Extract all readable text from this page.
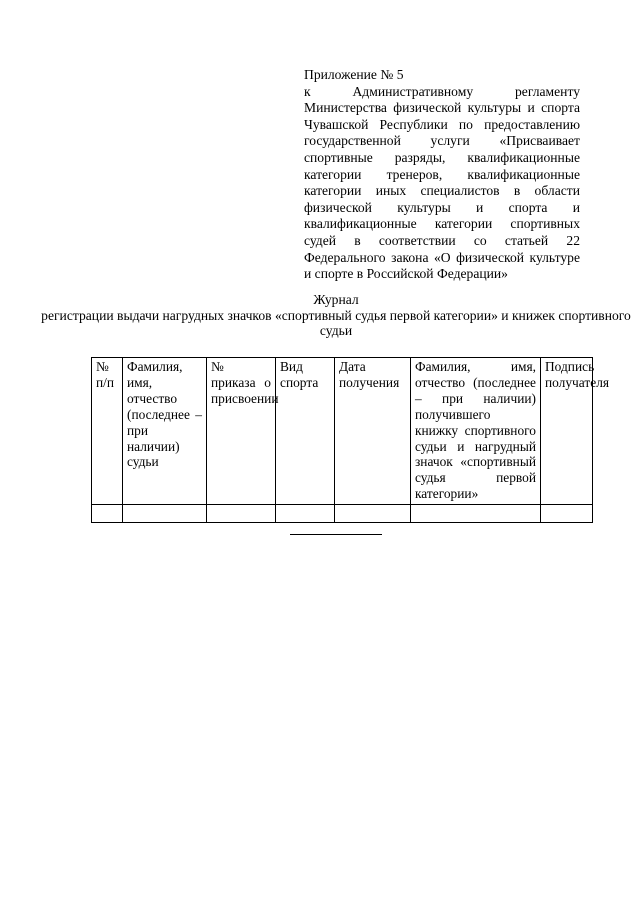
Приложение № 5
к Административному регламенту Министерства физической культуры и спорта Чувашской Республики по предоставлению государственной услуги «Присваивает спортивные разряды, квалификационные категории тренеров, квалификационные категории иных специалистов в области физической культуры и спорта и квалификационные категории спортивных судей в соответствии со статьей 22 Федерального закона «О физической культуре и спорте в Российской Федерации»
Журнал
регистрации выдачи нагрудных значков «спортивный судья первой категории» и книжек спортивного судьи
№ п/п	Фамилия, имя, отчество (последнее – при наличии) судьи	№ приказа о присвоении	Вид спорта	Дата получения	Фамилия, имя, отчество (последнее – при наличии) получившего книжку спортивного судьи и нагрудный значок «спортивный судья первой категории»	Подпись получателя
